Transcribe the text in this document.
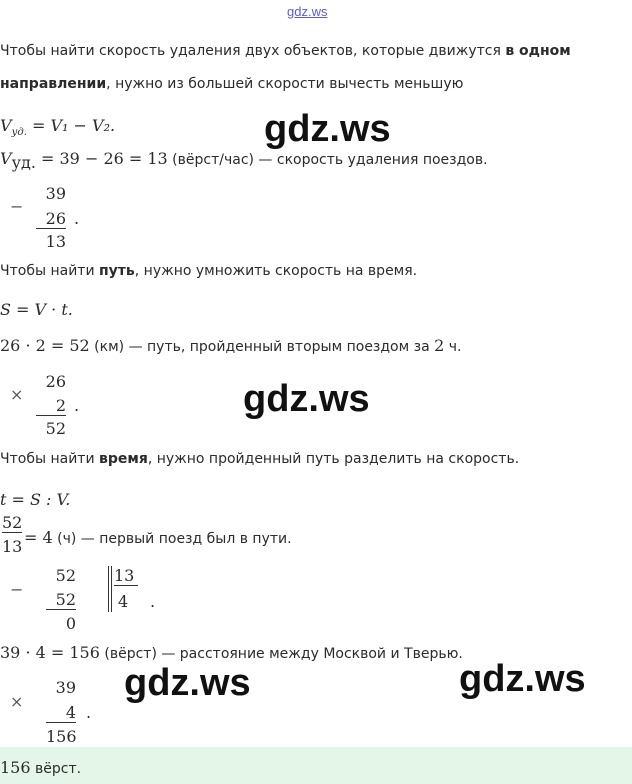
gdz.ws
Чтобы найти скорость удаления двух объектов, которые движутся в одном
направлении, нужно из большей скорости вычесть меньшую
$V_{уд.} = V_1 - V_2$.
$V_{уд.} = 39 - 26 = 13$ (вёрст/час) — скорость удаления поездов.
−
39
26
13
.
Чтобы найти путь, нужно умножить скорость на время.
S = V · t.
26 · 2 = 52 (км) — путь, пройденный вторым поездом за 2 ч.
×
26
2
52
.
Чтобы найти время, нужно пройденный путь разделить на скорость.
t = S : V.
52
13 = 4 (ч) — первый поезд был в пути.
−
52
52
0
13
4	.
39 · 4 = 156 (вёрст) — расстояние между Москвой и Тверью.
×
39
4
156
.
156 вёрст.
gdz.ws
gdz.ws
gdz.ws	gdz.ws
